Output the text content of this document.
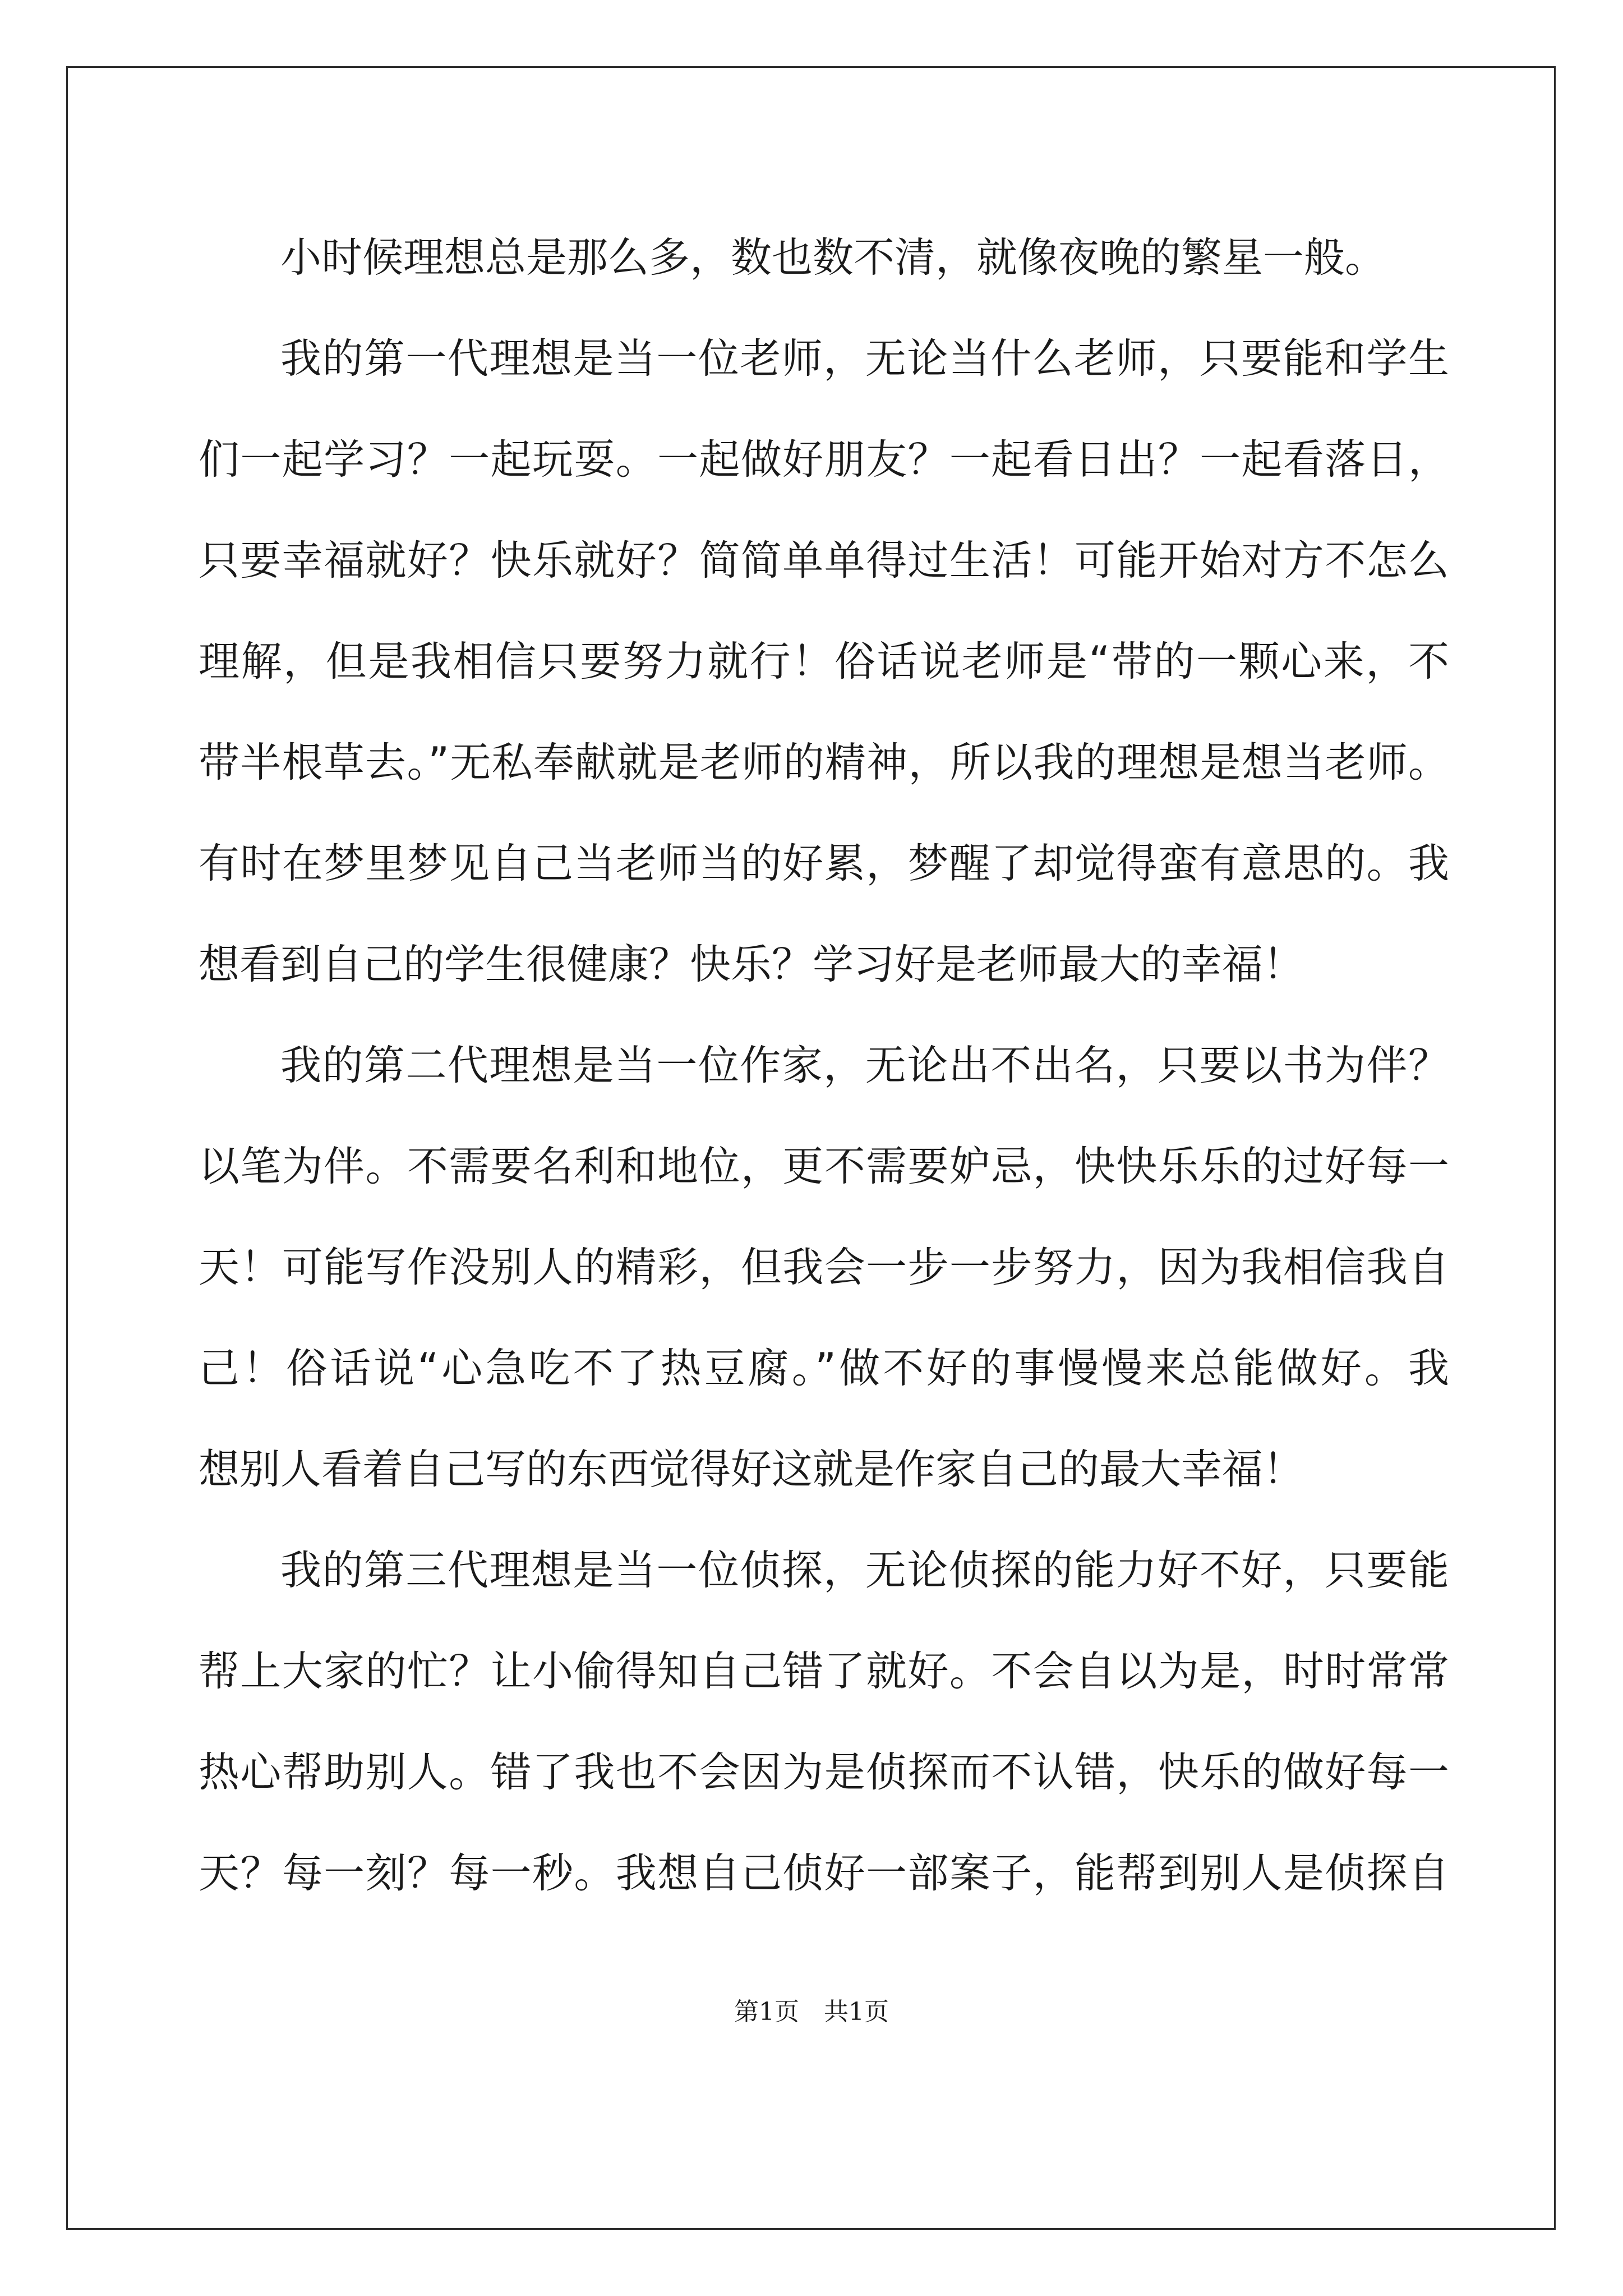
小时候理想总是那么多，数也数不清，就像夜晚的繁星一般。
我的第一代理想是当一位老师，无论当什么老师，只要能和学生
们一起学习？一起玩耍。一起做好朋友？一起看日出？一起看落日，
只要幸福就好？快乐就好？简简单单得过生活！可能开始对方不怎么
理解，但是我相信只要努力就行！俗话说老师是“带的一颗心来，不
带半根草去。”无私奉献就是老师的精神，所以我的理想是想当老师。
有时在梦里梦见自己当老师当的好累，梦醒了却觉得蛮有意思的。我
想看到自己的学生很健康？快乐？学习好是老师最大的幸福！
我的第二代理想是当一位作家，无论出不出名，只要以书为伴？
以笔为伴。不需要名利和地位，更不需要妒忌，快快乐乐的过好每一
天！可能写作没别人的精彩，但我会一步一步努力，因为我相信我自
己！俗话说“心急吃不了热豆腐。”做不好的事慢慢来总能做好。我
想别人看着自己写的东西觉得好这就是作家自己的最大幸福！
我的第三代理想是当一位侦探，无论侦探的能力好不好，只要能
帮上大家的忙？让小偷得知自己错了就好。不会自以为是，时时常常
热心帮助别人。错了我也不会因为是侦探而不认错，快乐的做好每一
天？每一刻？每一秒。我想自己侦好一部案子，能帮到别人是侦探自
第1页　共1页
